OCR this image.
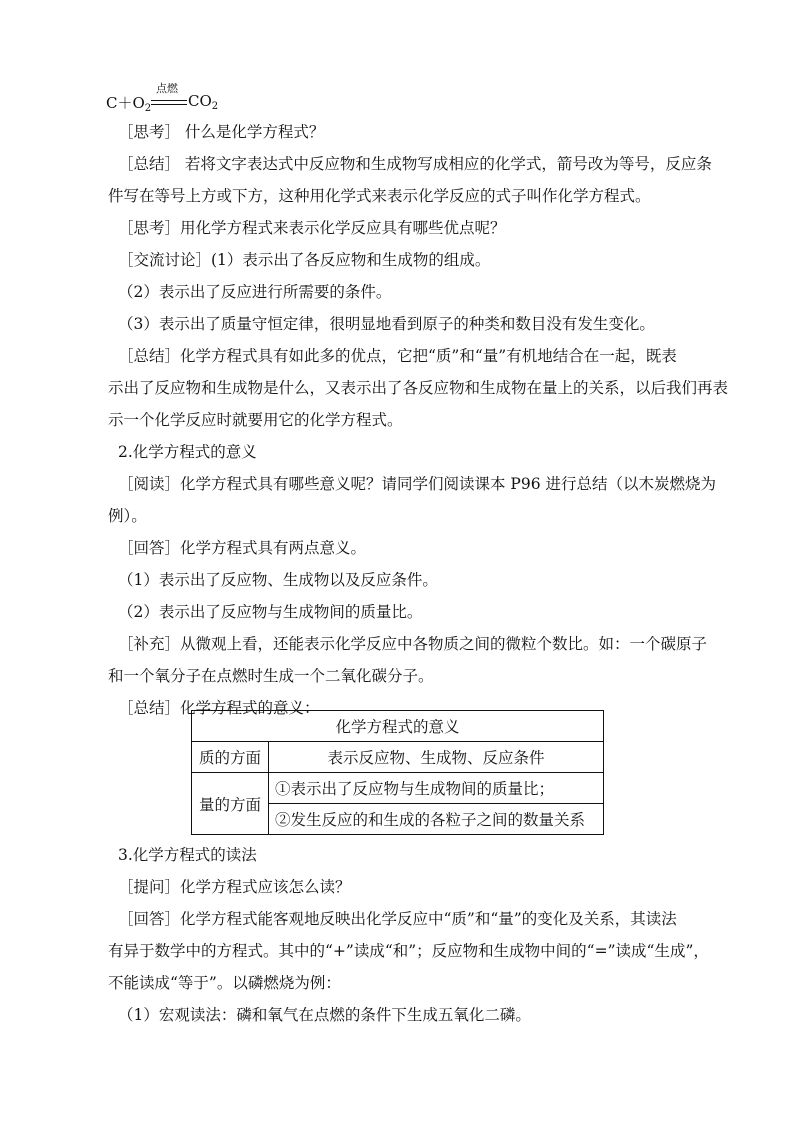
$C+O_2$
点燃
$CO_2$
［思考］ 什么是化学方程式？
［总结］ 若将文字表达式中反应物和生成物写成相应的化学式，箭号改为等号，反应条
件写在等号上方或下方，这种用化学式来表示化学反应的式子叫作化学方程式。
［思考］用化学方程式来表示化学反应具有哪些优点呢？
［交流讨论］(1）表示出了各反应物和生成物的组成。
（2）表示出了反应进行所需要的条件。
（3）表示出了质量守恒定律，很明显地看到原子的种类和数目没有发生变化。
［总结］化学方程式具有如此多的优点，它把“质”和“量”有机地结合在一起，既表
示出了反应物和生成物是什么，又表示出了各反应物和生成物在量上的关系，以后我们再表
示一个化学反应时就要用它的化学方程式。
2.化学方程式的意义
［阅读］化学方程式具有哪些意义呢？请同学们阅读课本 P96 进行总结（以木炭燃烧为
例）。
［回答］化学方程式具有两点意义。
（1）表示出了反应物、生成物以及反应条件。
（2）表示出了反应物与生成物间的质量比。
［补充］从微观上看，还能表示化学反应中各物质之间的微粒个数比。如：一个碳原子
和一个氧分子在点燃时生成一个二氧化碳分子。
［总结］化学方程式的意义：
化学方程式的意义	
质的方面	表示反应物、生成物、反应条件
量的方面	①表示出了反应物与生成物间的质量比；
	②发生反应的和生成的各粒子之间的数量关系
3.化学方程式的读法
［提问］化学方程式应该怎么读？
［回答］化学方程式能客观地反映出化学反应中“质”和“量”的变化及关系，其读法
有异于数学中的方程式。其中的“+”读成“和”；反应物和生成物中间的“=”读成“生成”，
不能读成“等于”。以磷燃烧为例：
（1）宏观读法：磷和氧气在点燃的条件下生成五氧化二磷。
